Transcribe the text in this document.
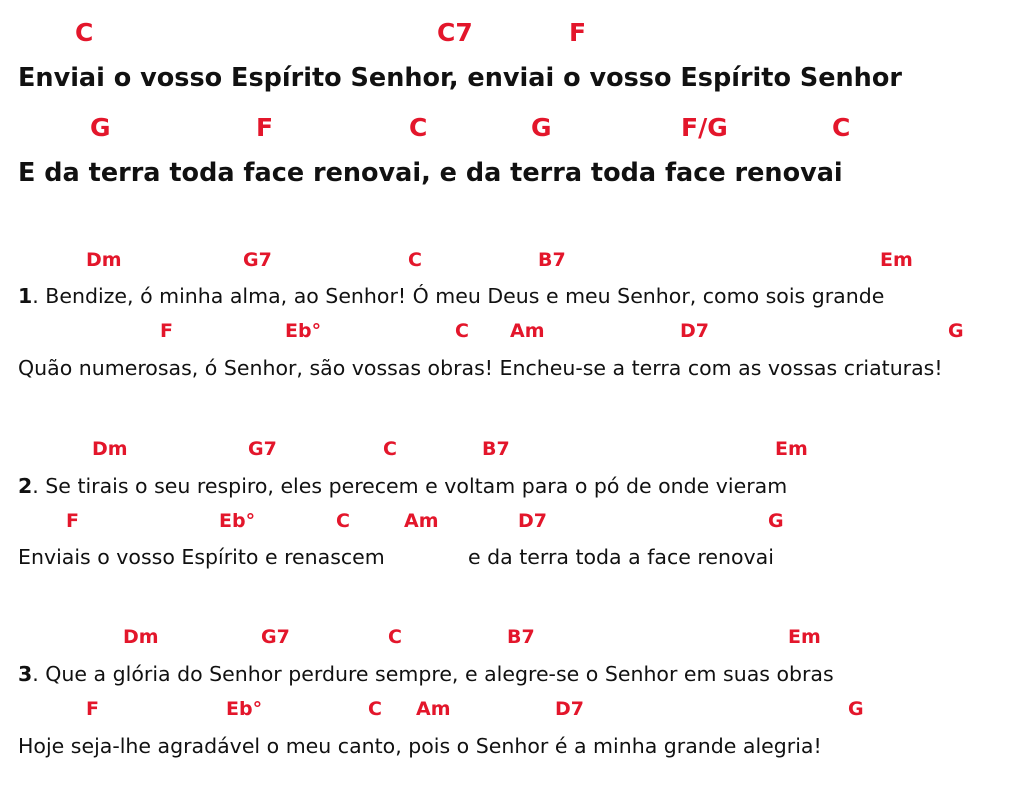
C	C7	F
Enviai o vosso Espírito Senhor, enviai o vosso Espírito Senhor
G	F	C	G	F/G	C
E da terra toda face renovai, e da terra toda face renovai
Dm	G7	C	B7	Em
1. Bendize, ó minha alma, ao Senhor! Ó meu Deus e meu Senhor, como sois grande
F	Eb°	C Am	D7	G
Quão numerosas, ó Senhor, são vossas obras! Encheu-se a terra com as vossas criaturas!
Dm	G7	C	B7	Em
2. Se tirais o seu respiro, eles perecem e voltam para o pó de onde vieram
F	Eb°	C	Am	D7	G
Enviais o vosso Espírito e renascem	e da terra toda a face renovai
Dm	G7	C	B7	Em
3. Que a glória do Senhor perdure sempre, e alegre-se o Senhor em suas obras
F	Eb°	C Am	D7	G
Hoje seja-lhe agradável o meu canto, pois o Senhor é a minha grande alegria!
